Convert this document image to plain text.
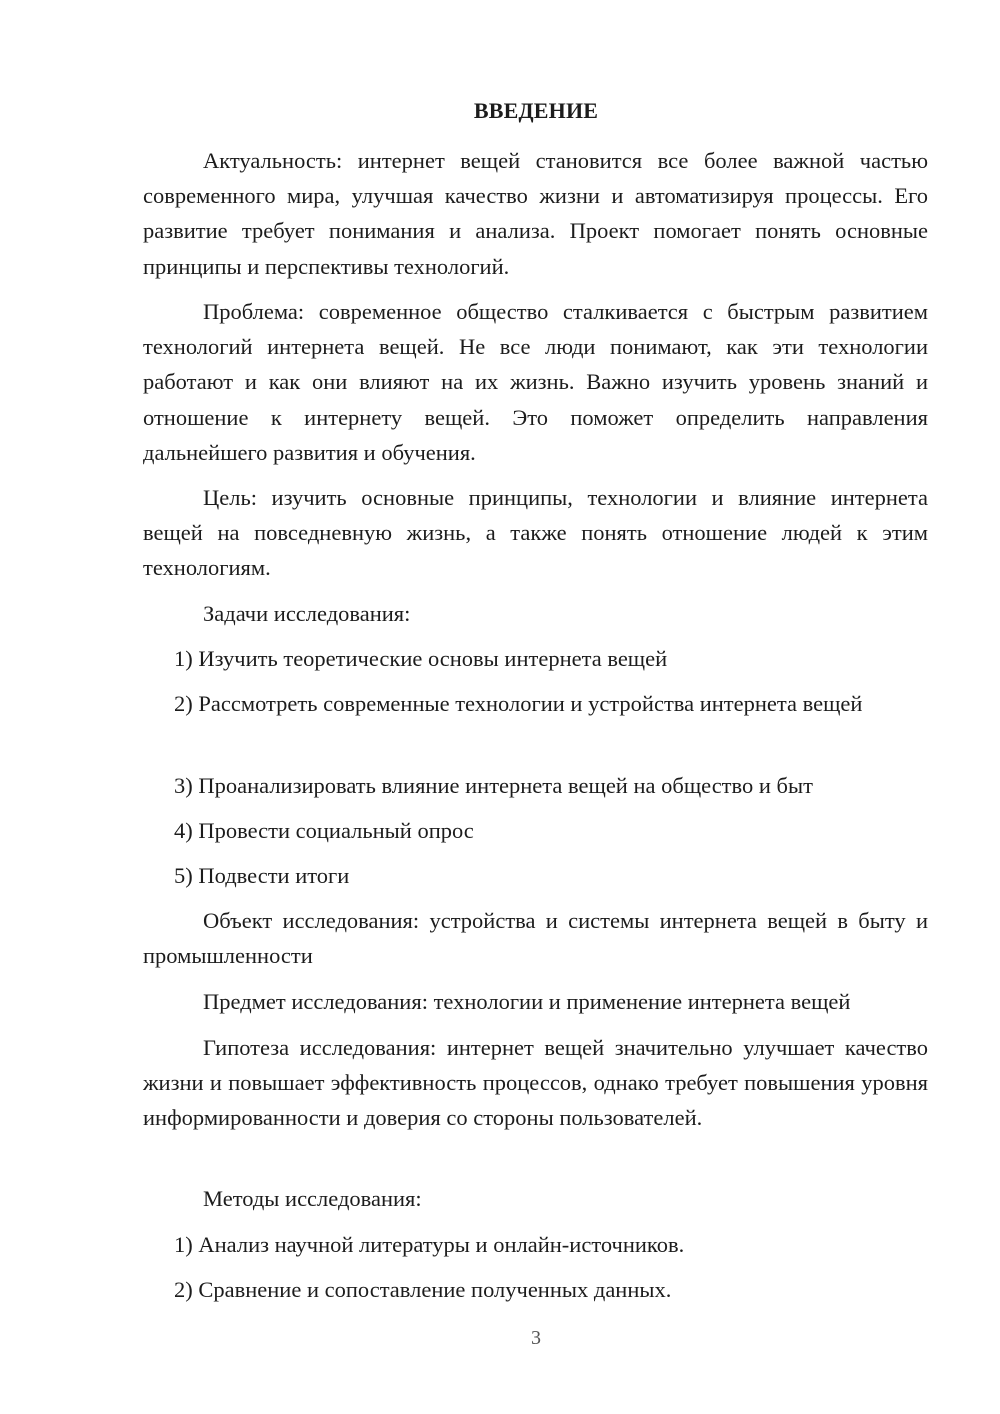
ВВЕДЕНИЕ

Актуальность: интернет вещей становится все более важной частью современного мира, улучшая качество жизни и автоматизируя процессы. Его развитие требует понимания и анализа. Проект помогает понять основные принципы и перспективы технологий.

Проблема: современное общество сталкивается с быстрым развитием технологий интернета вещей. Не все люди понимают, как эти технологии работают и как они влияют на их жизнь. Важно изучить уровень знаний и отношение к интернету вещей. Это поможет определить направления дальнейшего развития и обучения.

Цель: изучить основные принципы, технологии и влияние интернета вещей на повседневную жизнь, а также понять отношение людей к этим технологиям.

Задачи исследования:

1) Изучить теоретические основы интернета вещей

2) Рассмотреть современные технологии и устройства интернета вещей

3) Проанализировать влияние интернета вещей на общество и быт

4) Провести социальный опрос

5) Подвести итоги

Объект исследования: устройства и системы интернета вещей в быту и промышленности

Предмет исследования: технологии и применение интернета вещей

Гипотеза исследования: интернет вещей значительно улучшает качество жизни и повышает эффективность процессов, однако требует повышения уровня информированности и доверия со стороны пользователей.

Методы исследования:

1) Анализ научной литературы и онлайн-источников.

2) Сравнение и сопоставление полученных данных.

3
